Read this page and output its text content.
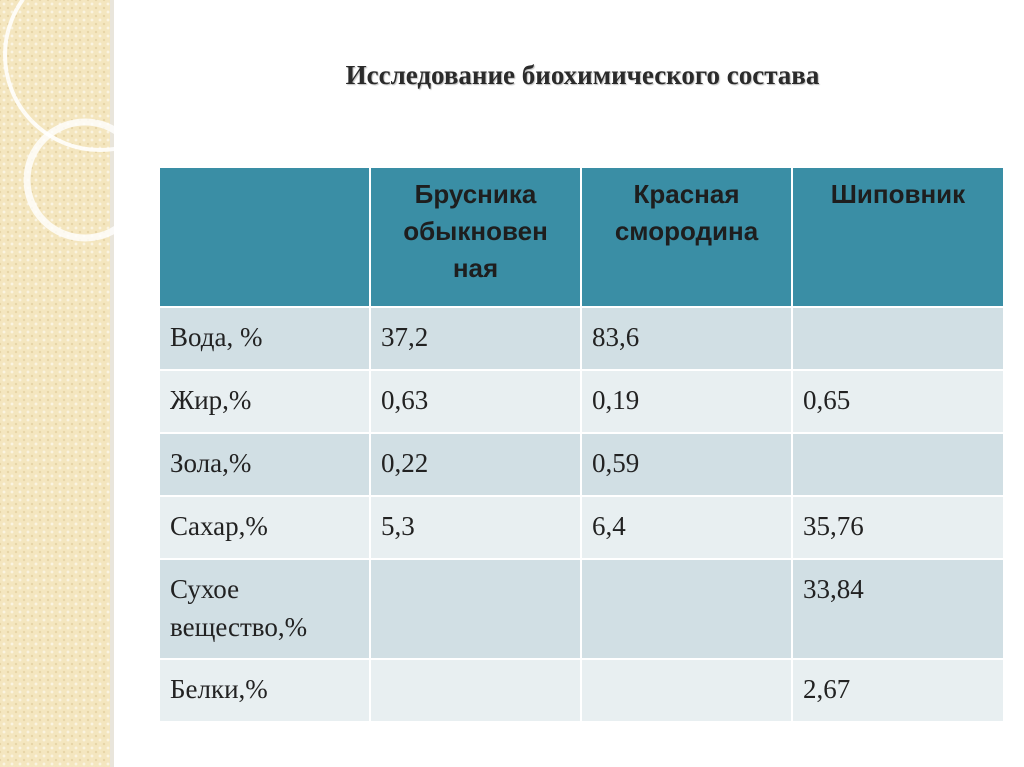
Исследование биохимического состава
	Брусника обыкновен ная	Красная смородина	Шиповник
Вода, %	37,2	83,6	
Жир,%	0,63	0,19	0,65
Зола,%	0,22	0,59	
Сахар,%	5,3	6,4	35,76
Сухое вещество,%			33,84
Белки,%			2,67
